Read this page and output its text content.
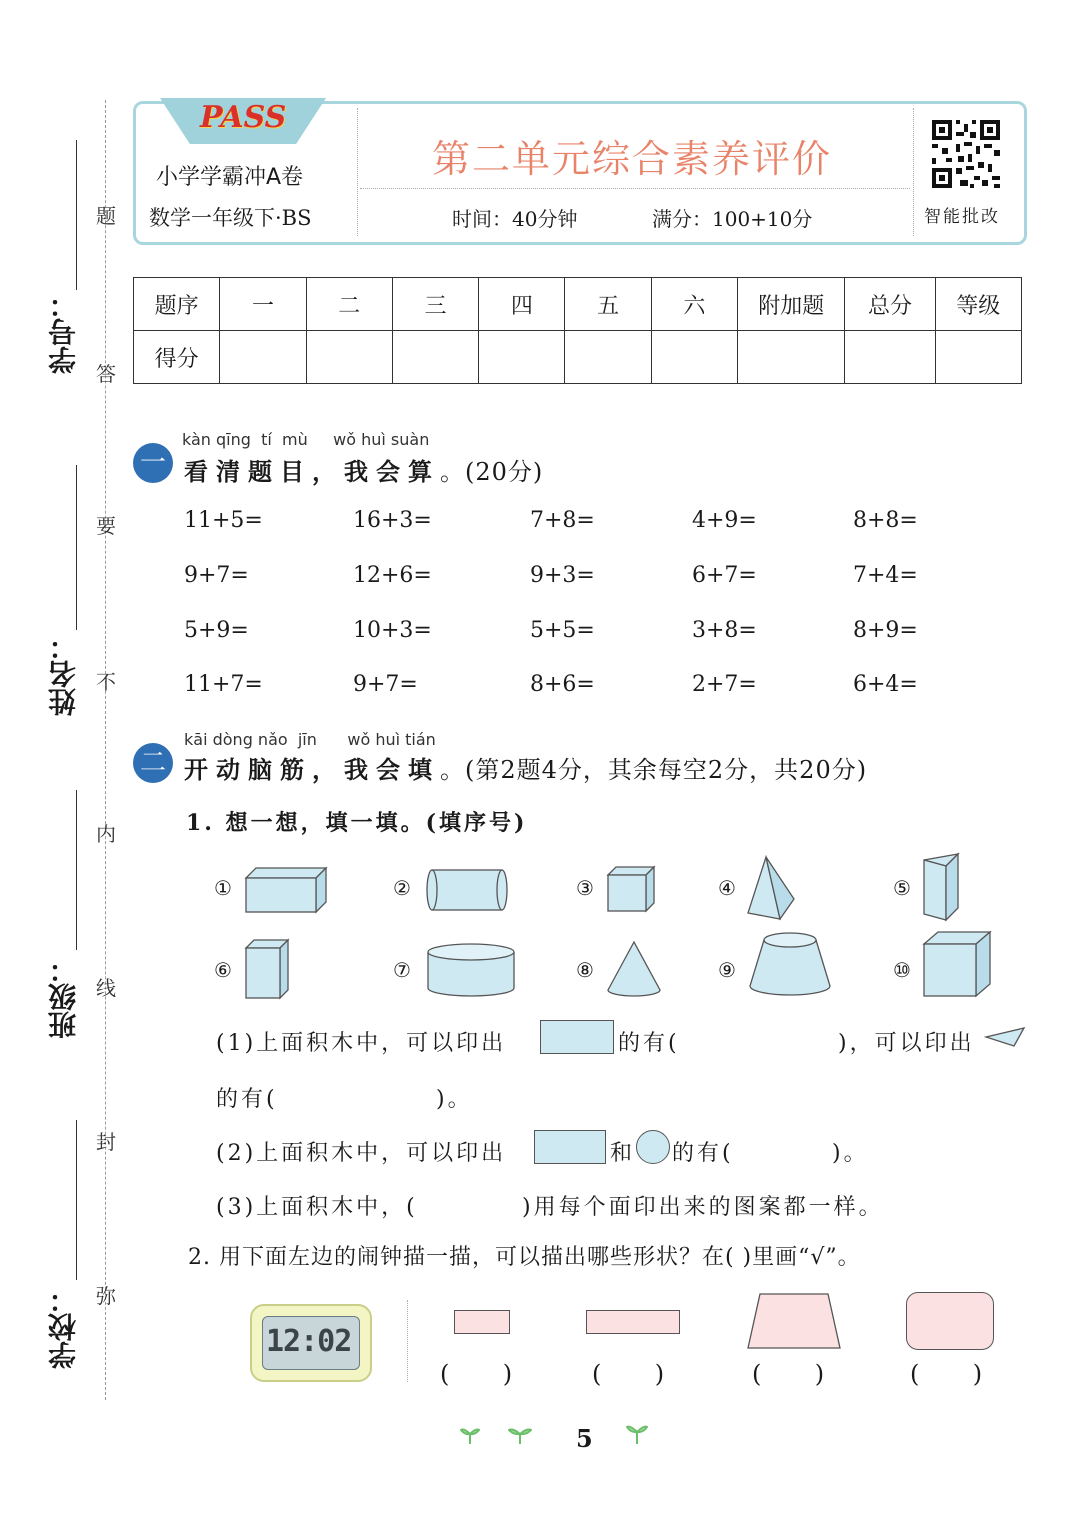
题
答
要
不
内
线
封
弥
学号：
姓名：
班级：
学校：
PASS
小学学霸冲A卷
数学一年级下·BS
第二单元综合素养评价
时间：40分钟	满分：100+10分	智能批改
题序	一	二	三	四	五	六	附加题	总分	等级
得分									
一
kàn qīng  tí  mù     wǒ huì suàn
看清题目，我会算。(20分)
11+5=	16+3=	7+8=	4+9=	8+8=
9+7=	12+6=	9+3=	6+7=	7+4=
5+9=	10+3=	5+5=	3+8=	8+9=
11+7=	9+7=	8+6=	2+7=	6+4=
二
kāi dòng nǎo  jīn      wǒ huì tián
开动脑筋，我会填。(第2题4分，其余每空2分，共20分)
1. 想一想，填一填。(填序号)
①	②	③	④	⑤
⑥	⑦	⑧	⑨	⑩
(1)上面积木中，可以印出	的有(	)，可以印出
的有(	)。
(2)上面积木中，可以印出	和 的有(	)。
(3)上面积木中，(	)用每个面印出来的图案都一样。
2. 用下面左边的闹钟描一描，可以描出哪些形状？在( )里画“√”。
12:02
(       )	(       )	(       )	(       )
5
